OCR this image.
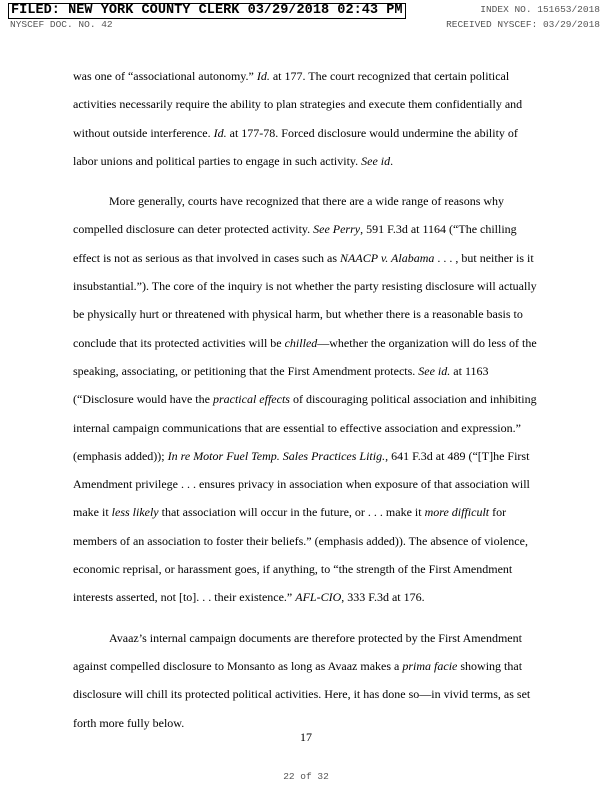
FILED: NEW YORK COUNTY CLERK 03/29/2018 02:43 PM
NYSCEF DOC. NO. 42
INDEX NO. 151653/2018
RECEIVED NYSCEF: 03/29/2018

was one of “associational autonomy.” Id. at 177. The court recognized that certain political activities necessarily require the ability to plan strategies and execute them confidentially and without outside interference. Id. at 177-78. Forced disclosure would undermine the ability of labor unions and political parties to engage in such activity. See id.

More generally, courts have recognized that there are a wide range of reasons why compelled disclosure can deter protected activity. See Perry, 591 F.3d at 1164 (“The chilling effect is not as serious as that involved in cases such as NAACP v. Alabama . . . , but neither is it insubstantial.”). The core of the inquiry is not whether the party resisting disclosure will actually be physically hurt or threatened with physical harm, but whether there is a reasonable basis to conclude that its protected activities will be chilled—whether the organization will do less of the speaking, associating, or petitioning that the First Amendment protects. See id. at 1163 (“Disclosure would have the practical effects of discouraging political association and inhibiting internal campaign communications that are essential to effective association and expression.” (emphasis added)); In re Motor Fuel Temp. Sales Practices Litig., 641 F.3d at 489 (“[T]he First Amendment privilege . . . ensures privacy in association when exposure of that association will make it less likely that association will occur in the future, or . . . make it more difficult for members of an association to foster their beliefs.” (emphasis added)). The absence of violence, economic reprisal, or harassment goes, if anything, to “the strength of the First Amendment interests asserted, not [to]. . . their existence.” AFL-CIO, 333 F.3d at 176.

Avaaz’s internal campaign documents are therefore protected by the First Amendment against compelled disclosure to Monsanto as long as Avaaz makes a prima facie showing that disclosure will chill its protected political activities. Here, it has done so—in vivid terms, as set forth more fully below.

17
22 of 32
